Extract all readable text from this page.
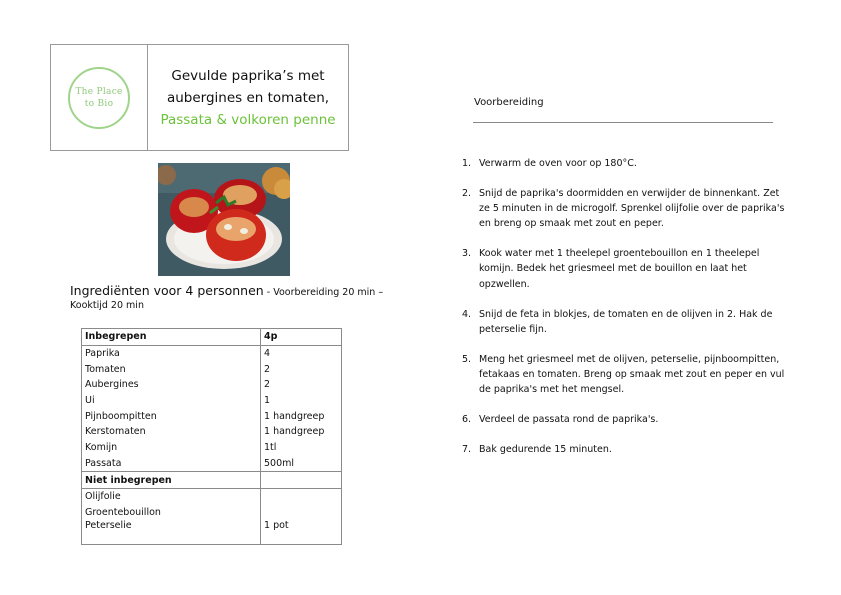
The Place
to Bio
Gevulde paprika’s met
aubergines en tomaten,
Passata & volkoren penne
Ingrediënten voor 4 personnen - Voorbereiding 20 min –
Kooktijd 20 min
Inbegrepen	4p
Paprika	4
Tomaten	2
Aubergines	2
Ui	1
Pijnboompitten	1 handgreep
Kerstomaten	1 handgreep
Komijn	1tl
Passata	500ml
Niet inbegrepen	
Olijfolie	
Groentebouillon	
Peterselie	1 pot
Voorbereiding
1. Verwarm de oven voor op 180°C.
2. Snijd de paprika's doormidden en verwijder de binnenkant. Zet ze 5 minuten in de microgolf. Sprenkel olijfolie over de paprika's en breng op smaak met zout en peper.
3. Kook water met 1 theelepel groentebouillon en 1 theelepel komijn. Bedek het griesmeel met de bouillon en laat het opzwellen.
4. Snijd de feta in blokjes, de tomaten en de olijven in 2. Hak de peterselie fijn.
5. Meng het griesmeel met de olijven, peterselie, pijnboompitten, fetakaas en tomaten. Breng op smaak met zout en peper en vul de paprika's met het mengsel.
6. Verdeel de passata rond de paprika's.
7. Bak gedurende 15 minuten.
